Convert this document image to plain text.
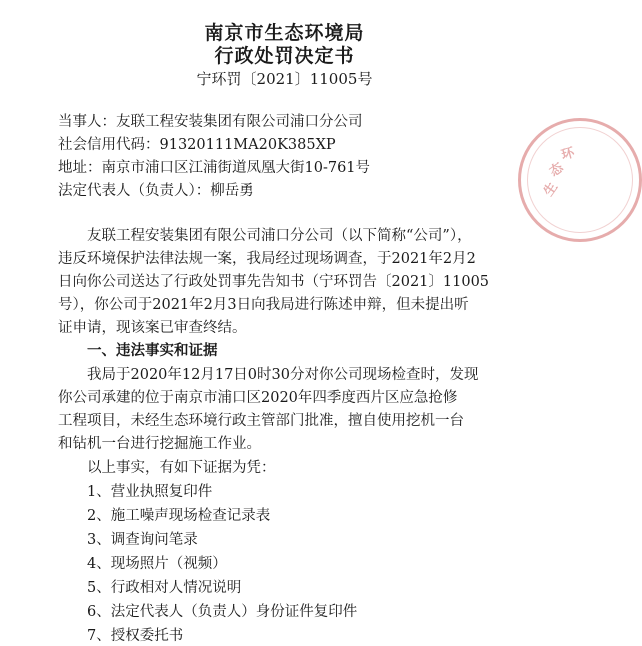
南京市生态环境局
行政处罚决定书
宁环罚〔2021〕11005号
当事人：友联工程安装集团有限公司浦口分公司
社会信用代码：91320111MA20K385XP
地址：南京市浦口区江浦街道凤凰大街10-761号
法定代表人（负责人）：柳岳勇
友联工程安装集团有限公司浦口分公司（以下简称“公司”），
违反环境保护法律法规一案，我局经过现场调查，于2021年2月2
日向你公司送达了行政处罚事先告知书（宁环罚告〔2021〕11005
号），你公司于2021年2月3日向我局进行陈述申辩，但未提出听
证申请，现该案已审查终结。
一、违法事实和证据
我局于2020年12月17日0时30分对你公司现场检查时，发现
你公司承建的位于南京市浦口区2020年四季度西片区应急抢修
工程项目，未经生态环境行政主管部门批准，擅自使用挖机一台
和钻机一台进行挖掘施工作业。
以上事实，有如下证据为凭：
1、营业执照复印件
2、施工噪声现场检查记录表
3、调查询问笔录
4、现场照片（视频）
5、行政相对人情况说明
6、法定代表人（负责人）身份证件复印件
7、授权委托书
生
态
环
